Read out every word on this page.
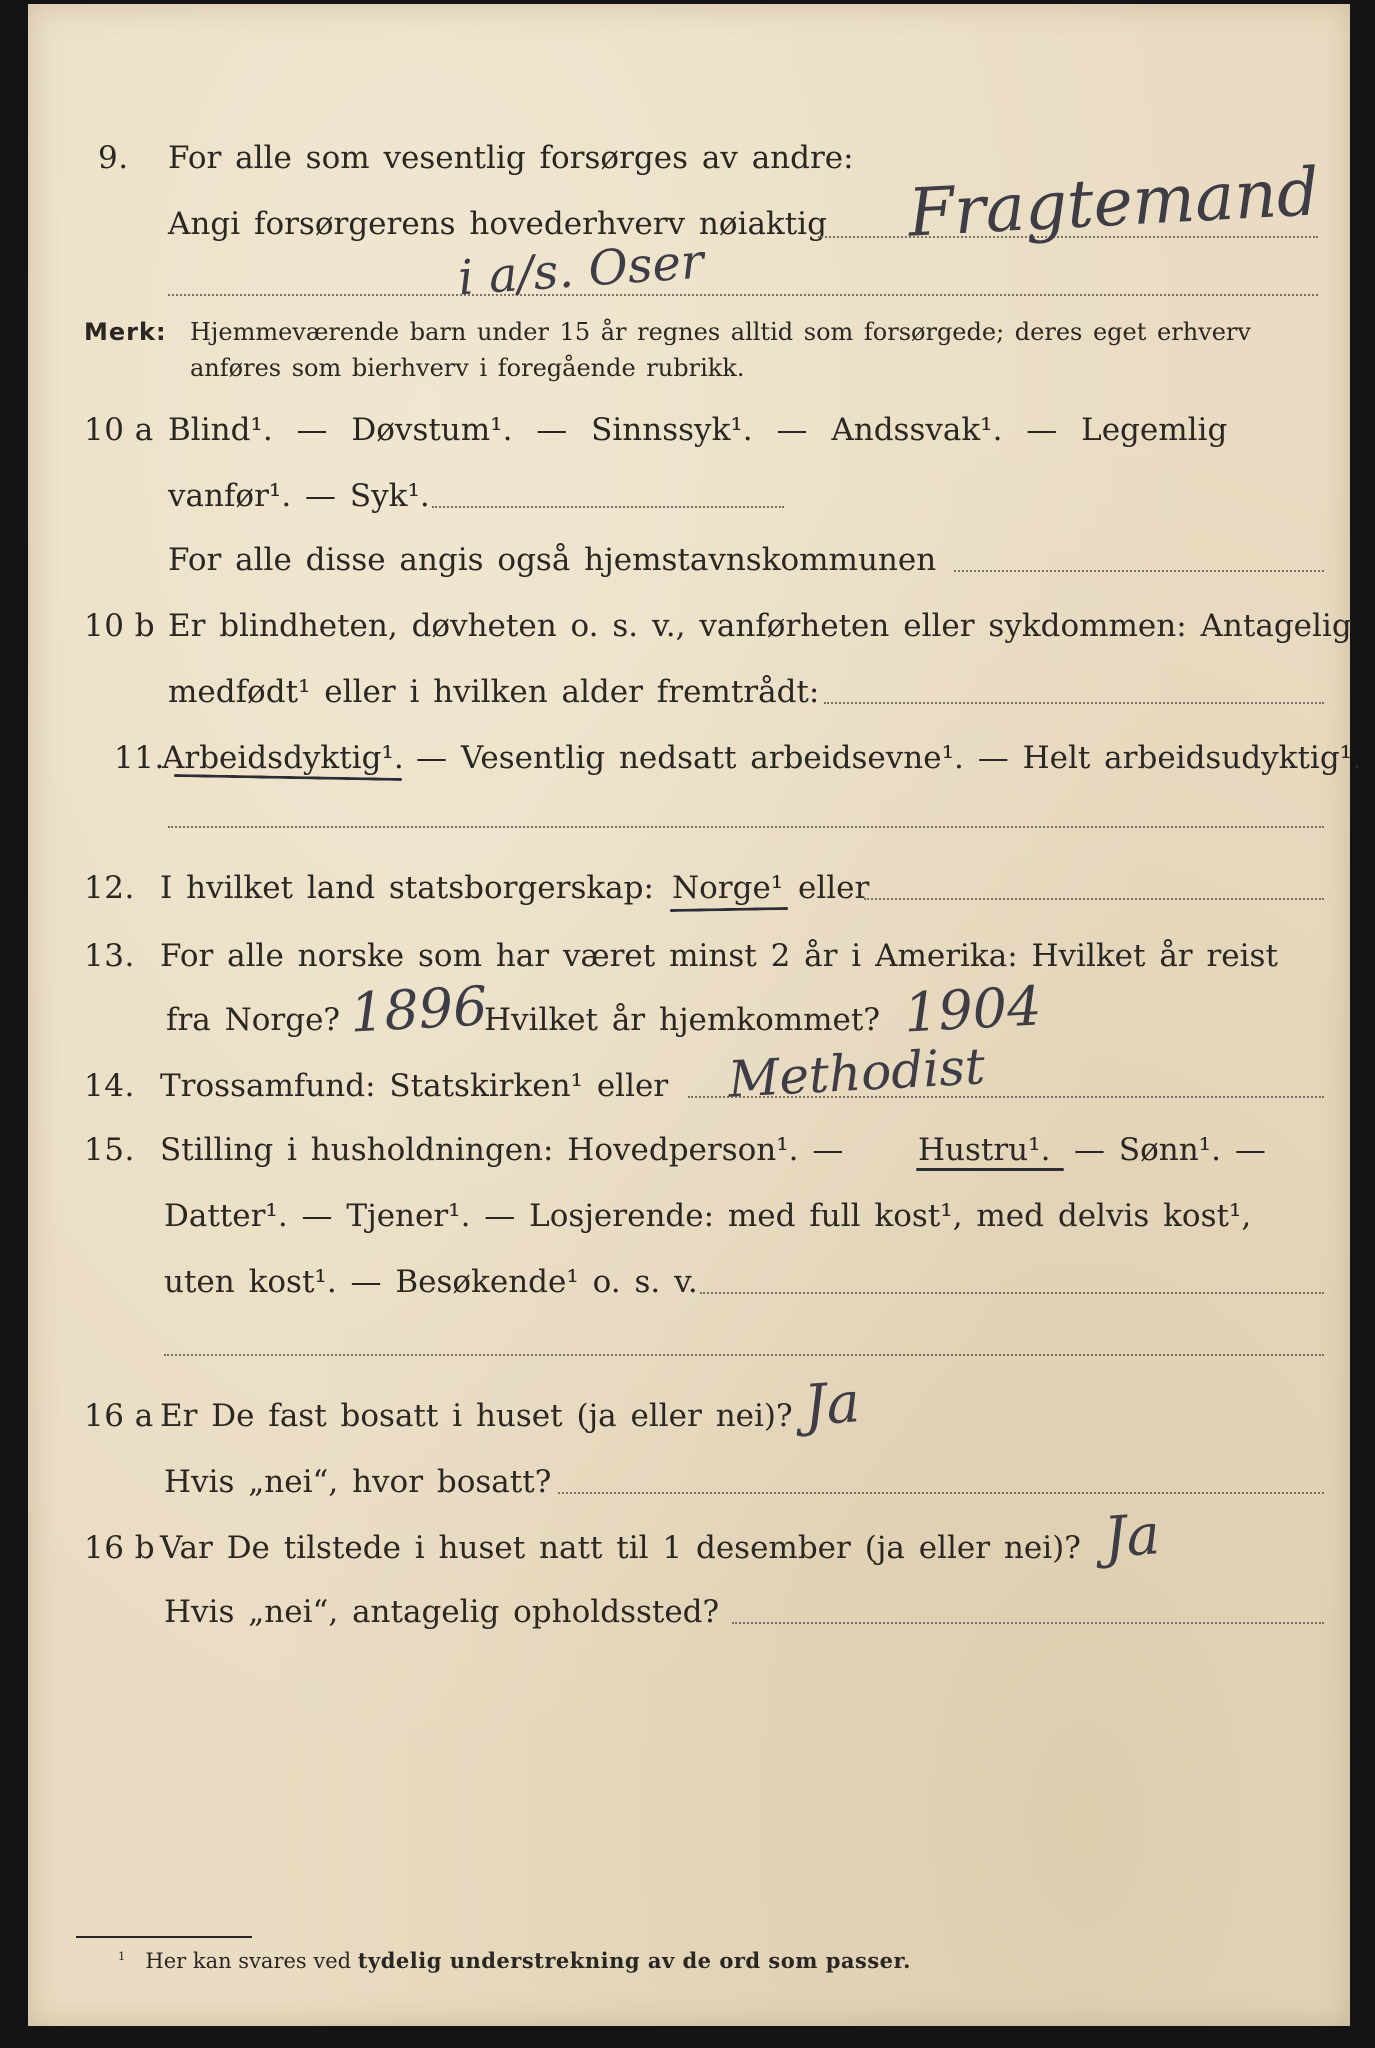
9. For alle som vesentlig forsørges av andre:
Angi forsørgerens hovederhverv nøiaktig Fragtemand
i a/s. Oser
Merk: Hjemmeværende barn under 15 år regnes alltid som forsørgede; deres eget erhverv
anføres som bierhverv i foregående rubrikk.
10 a Blind¹. — Døvstum¹. — Sinnssyk¹. — Andssvak¹. — Legemlig
vanfør¹. — Syk¹.
For alle disse angis også hjemstavnskommunen
10 b Er blindheten, døvheten o. s. v., vanførheten eller sykdommen: Antagelig
medfødt¹ eller i hvilken alder fremtrådt:
11.
Arbeidsdyktig¹. — Vesentlig nedsatt arbeidsevne¹. — Helt arbeidsudyktig¹.
12. I hvilket land statsborgerskap: Norge¹ eller
13. For alle norske som har været minst 2 år i Amerika: Hvilket år reist
fra Norge? 1896
Hvilket år hjemkommet? 1904
14. Trossamfund: Statskirken¹ eller Methodist
15. Stilling i husholdningen: Hovedperson¹. — Hustru¹. — Sønn¹. —
Datter¹. — Tjener¹. — Losjerende: med full kost¹, med delvis kost¹,
uten kost¹. — Besøkende¹ o. s. v.
16 a Er De fast bosatt i huset (ja eller nei)? Ja
Hvis „nei“, hvor bosatt?
16 b Var De tilstede i huset natt til 1 desember (ja eller nei)? Ja
Hvis „nei“, antagelig opholdssted?
$^1$ Her kan svares ved tydelig understrekning av de ord som passer.
